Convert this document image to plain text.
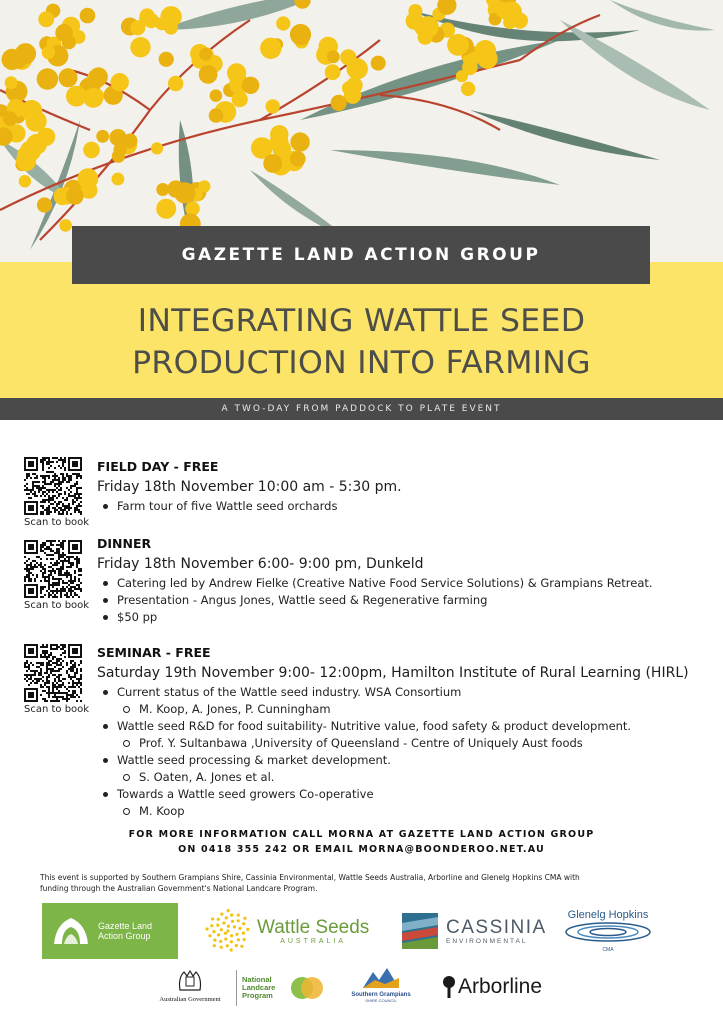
GAZETTE LAND ACTION GROUP
INTEGRATING WATTLE SEED
PRODUCTION INTO FARMING
A TWO-DAY FROM PADDOCK TO PLATE EVENT
Scan to book
Scan to book
Scan to book
FIELD DAY - FREE
Friday 18th November 10:00 am - 5:30 pm.
Farm tour of five Wattle seed orchards
DINNER
Friday 18th November 6:00- 9:00 pm, Dunkeld
Catering led by Andrew Fielke (Creative Native Food Service Solutions) & Grampians Retreat.
Presentation - Angus Jones, Wattle seed & Regenerative farming
$50 pp
SEMINAR - FREE
Saturday 19th November 9:00- 12:00pm, Hamilton Institute of Rural Learning (HIRL)
Current status of the Wattle seed industry. WSA Consortium
M. Koop, A. Jones, P. Cunningham
Wattle seed R&D for food suitability- Nutritive value, food safety & product development.
Prof. Y. Sultanbawa ,University of Queensland - Centre of Uniquely Aust foods
Wattle seed processing & market development.
S. Oaten, A. Jones et al.
Towards a Wattle seed growers Co-operative
M. Koop
FOR MORE INFORMATION CALL MORNA AT GAZETTE LAND ACTION GROUP
ON 0418 355 242 OR EMAIL MORNA@BOONDEROO.NET.AU
This event is supported by Southern Grampians Shire, Cassinia Environmental, Wattle Seeds Australia, Arborline and Glenelg Hopkins CMA with
funding through the Australian Government's National Landcare Program.
Gazette Land Action Group	Wattle Seeds
AUSTRALIA
CASSINIA
ENVIRONMENTAL
Glenelg Hopkins
CMA
Australian Government
National Landcare Program	Southern Grampians
SHIRE COUNCIL
Arborline
